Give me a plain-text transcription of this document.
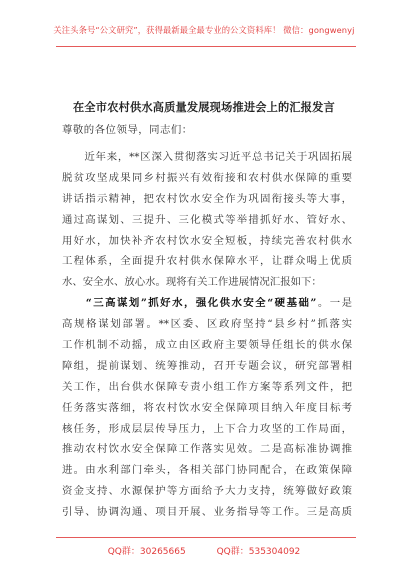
关注头条号“公文研究”，获得最新最全最专业的公文资料库！ 微信：gongwenyj
在全市农村供水高质量发展现场推进会上的汇报发言
尊敬的各位领导，同志们：
　　近年来，**区深入贯彻落实习近平总书记关于巩固拓展
脱贫攻坚成果同乡村振兴有效衔接和农村供水保障的重要
讲话指示精神，把农村饮水安全作为巩固衔接头等大事，
通过高谋划、三提升、三化模式等举措抓好水、管好水、
用好水，加快补齐农村饮水安全短板，持续完善农村供水
工程体系，全面提升农村供水保障水平，让群众喝上优质
水、安全水、放心水。现将有关工作进展情况汇报如下：
　　“三高谋划”抓好水，强化供水安全“硬基础”。一是
高规格谋划部署。**区委、区政府坚持“县乡村”抓落实
工作机制不动摇，成立由区政府主要领导任组长的供水保
障组，提前谋划、统筹推动，召开专题会议，研究部署相
关工作，出台供水保障专责小组工作方案等系列文件，把
任务落实落细，将农村饮水安全保障项目纳入年度目标考
核任务，形成层层传导压力，上下合力攻坚的工作局面，
推动农村饮水安全保障工作落实见效。二是高标准协调推
进。由水利部门牵头，各相关部门协同配合，在政策保障
资金支持、水源保护等方面给予大力支持，统筹做好政策
引导、协调沟通、项目开展、业务指导等工作。三是高质
QQ群：30265665	QQ群：535304092
